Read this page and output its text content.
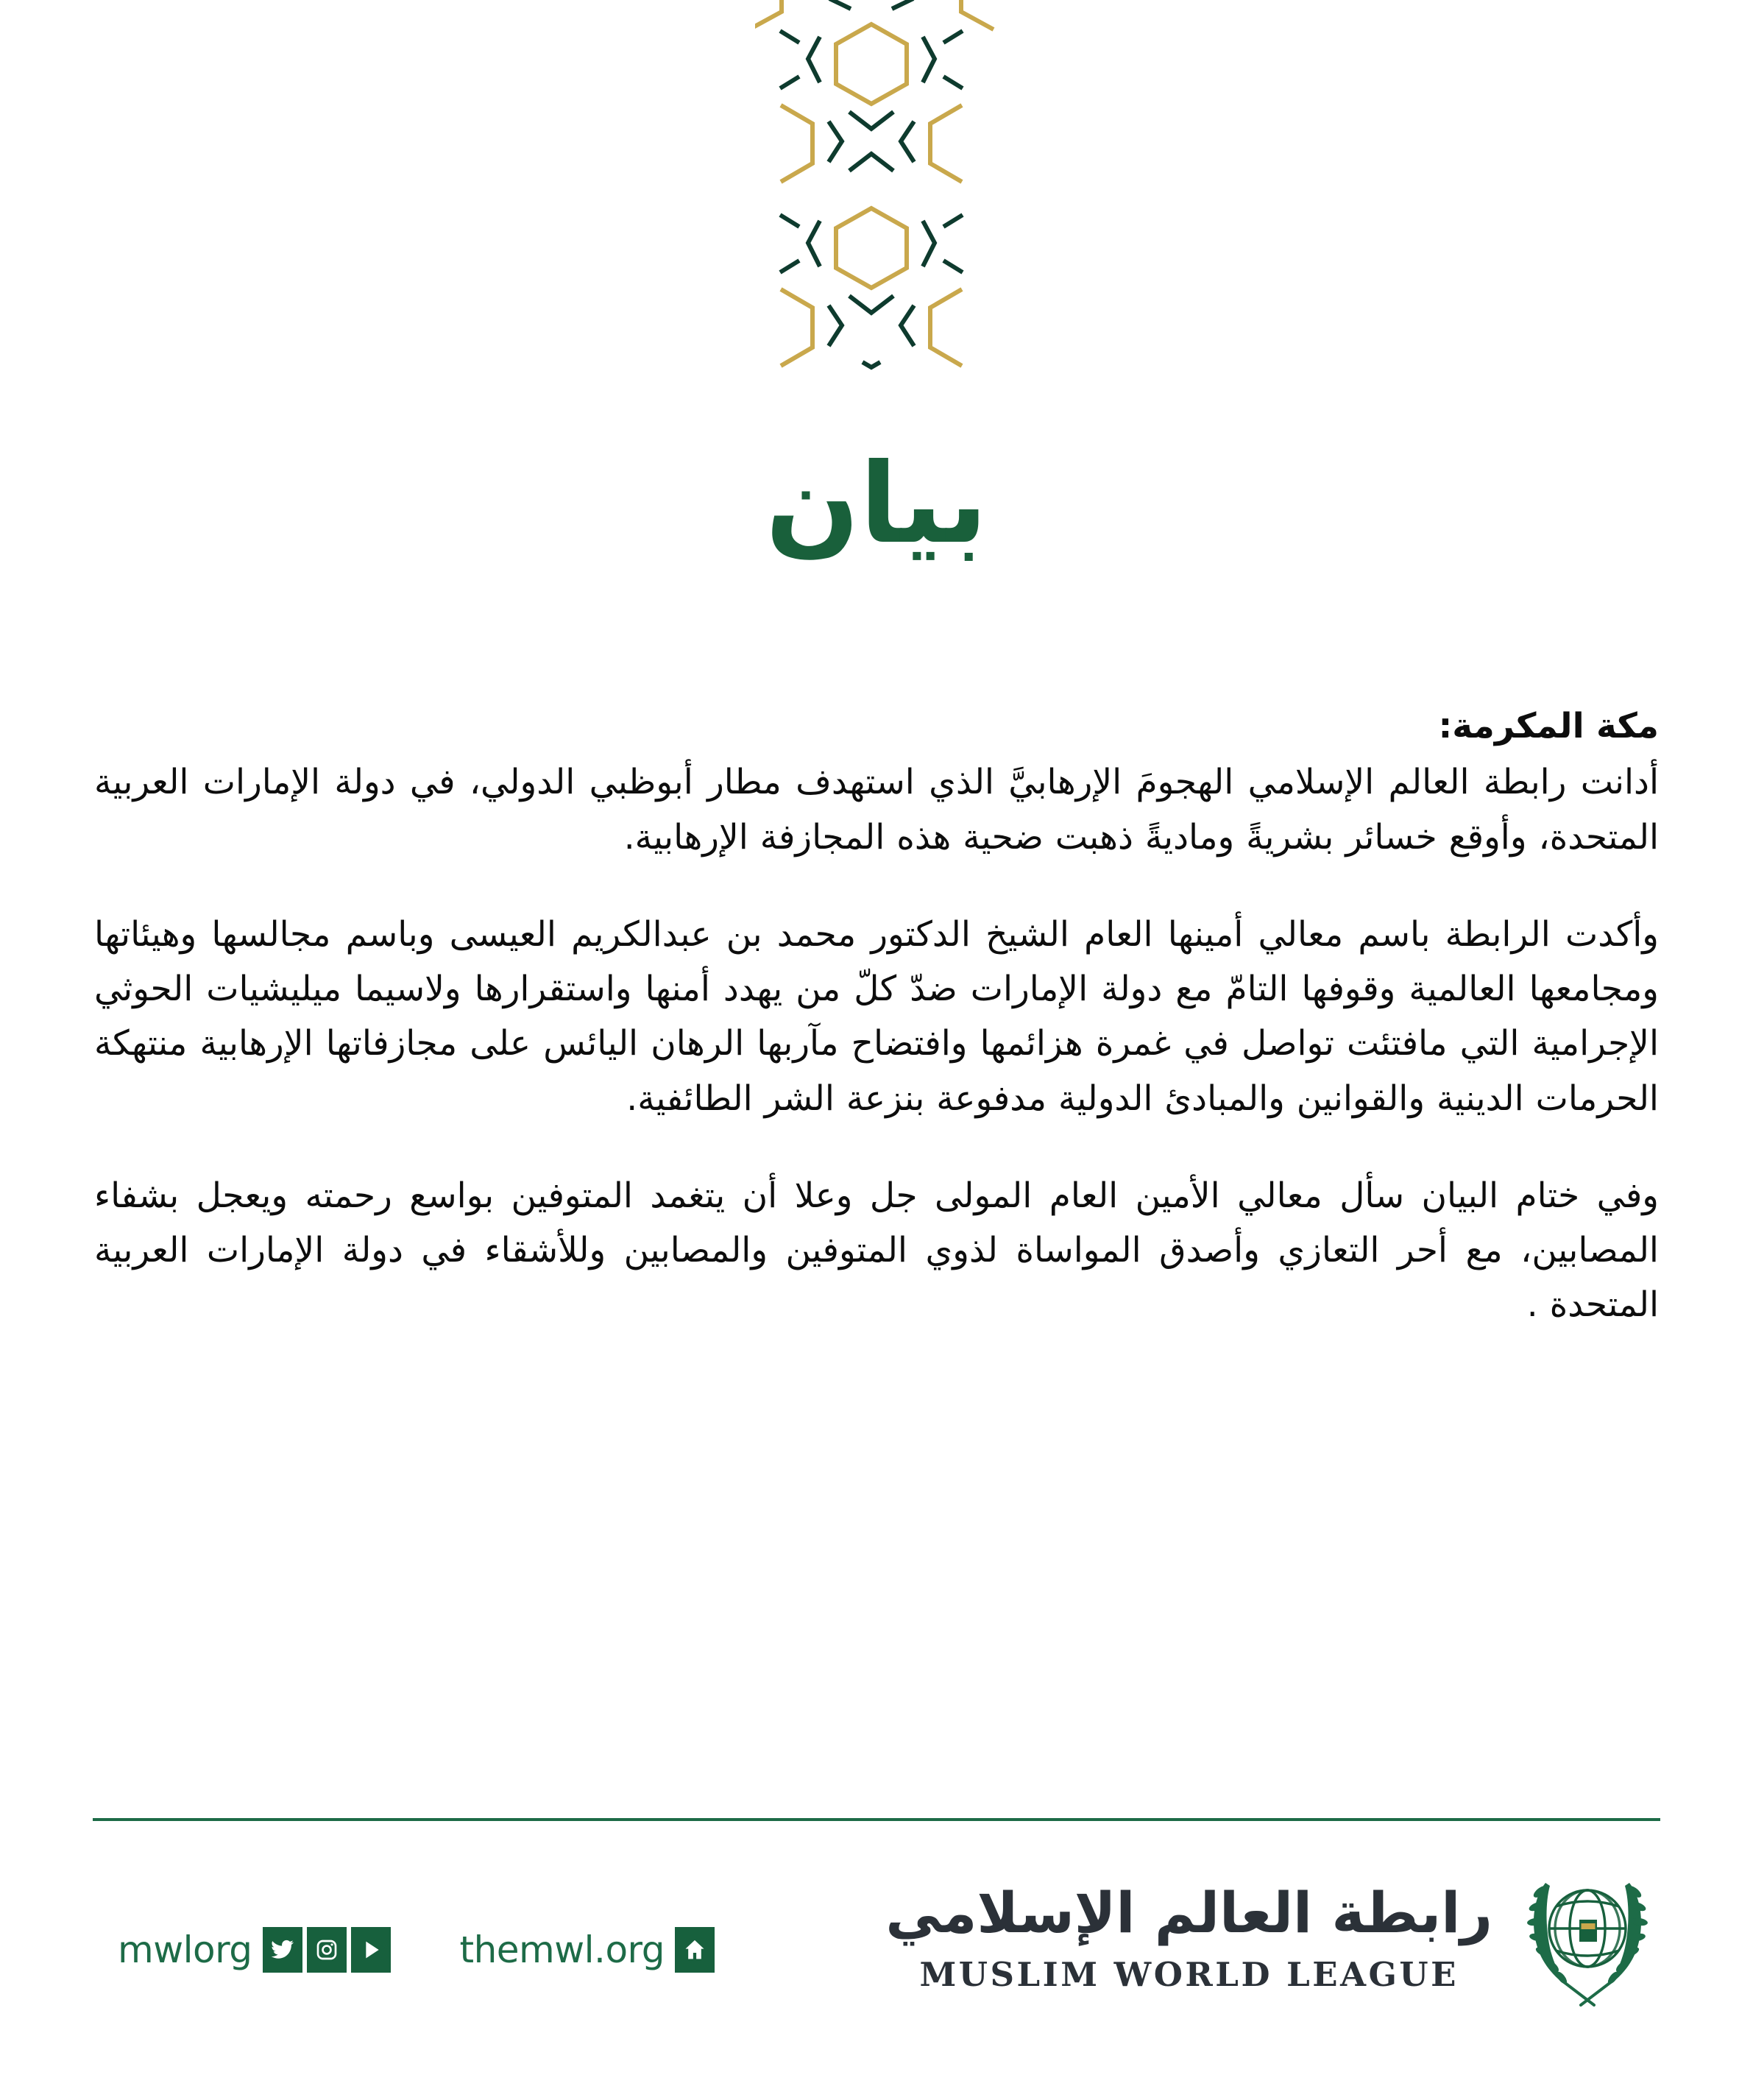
بيان

مكة المكرمة:

أدانت رابطة العالم الإسلامي الهجومَ الإرهابيَّ الذي استهدف مطار أبوظبي الدولي، في دولة الإمارات العربية المتحدة، وأوقع خسائر بشريةً وماديةً ذهبت ضحية هذه المجازفة الإرهابية.

وأكدت الرابطة باسم معالي أمينها العام الشيخ الدكتور محمد بن عبدالكريم العيسى وباسم مجالسها وهيئاتها ومجامعها العالمية وقوفها التامّ مع دولة الإمارات ضدّ كلّ من يهدد أمنها واستقرارها ولاسيما ميليشيات الحوثي الإجرامية التي مافتئت تواصل في غمرة هزائمها وافتضاح مآربها الرهان اليائس على مجازفاتها الإرهابية منتهكة الحرمات الدينية والقوانين والمبادئ الدولية مدفوعة بنزعة الشر الطائفية.

وفي ختام البيان سأل معالي الأمين العام المولى جل وعلا أن يتغمد المتوفين بواسع رحمته ويعجل بشفاء المصابين، مع أحر التعازي وأصدق المواساة لذوي المتوفين والمصابين وللأشقاء في دولة الإمارات العربية المتحدة .

mwlorg	themwl.org
رابطة العالم الإسلامي
MUSLIM WORLD LEAGUE
